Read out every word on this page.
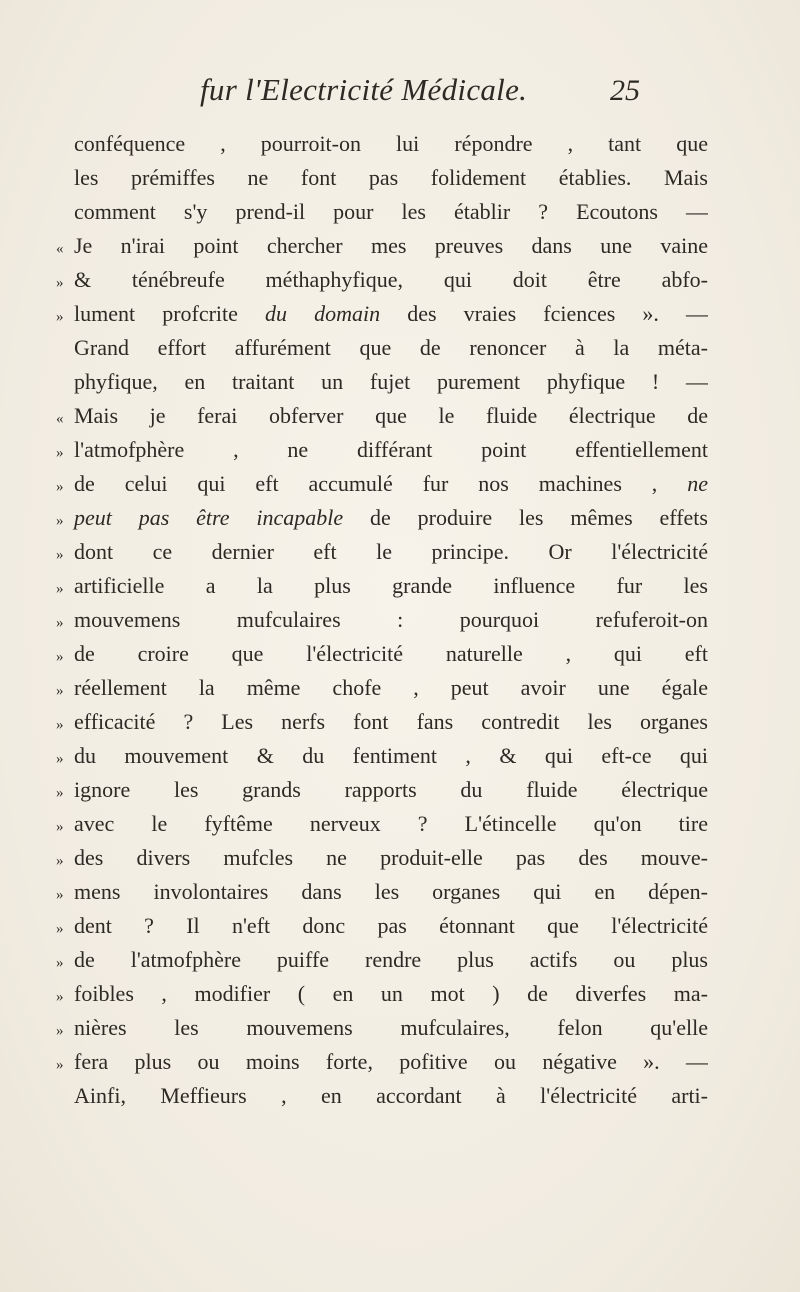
fur l'Electricité Médicale.	25
conféquence , pourroit-on lui répondre , tant que
les prémiffes ne font pas folidement établies. Mais
comment s'y prend-il pour les établir ? Ecoutons —
« Je n'irai point chercher mes preuves dans une vaine
» & ténébreufe méthaphyfique, qui doit être abfo-
» lument profcrite du domain des vraies fciences ». —
Grand effort affurément que de renoncer à la méta-
phyfique, en traitant un fujet purement phyfique ! —
« Mais je ferai obferver que le fluide électrique de
» l'atmofphère , ne différant point effentiellement
» de celui qui eft accumulé fur nos machines , ne
» peut pas être incapable de produire les mêmes effets
» dont ce dernier eft le principe. Or l'électricité
» artificielle a la plus grande influence fur les
» mouvemens mufculaires : pourquoi refuferoit-on
» de croire que l'électricité naturelle , qui eft
» réellement la même chofe , peut avoir une égale
» efficacité ? Les nerfs font fans contredit les organes
» du mouvement & du fentiment , & qui eft-ce qui
» ignore les grands rapports du fluide électrique
» avec le fyftême nerveux ? L'étincelle qu'on tire
» des divers mufcles ne produit-elle pas des mouve-
» mens involontaires dans les organes qui en dépen-
» dent ? Il n'eft donc pas étonnant que l'électricité
» de l'atmofphère puiffe rendre plus actifs ou plus
» foibles , modifier ( en un mot ) de diverfes ma-
» nières les mouvemens mufculaires, felon qu'elle
» fera plus ou moins forte, pofitive ou négative ». —
Ainfi, Meffieurs , en accordant à l'électricité arti-
